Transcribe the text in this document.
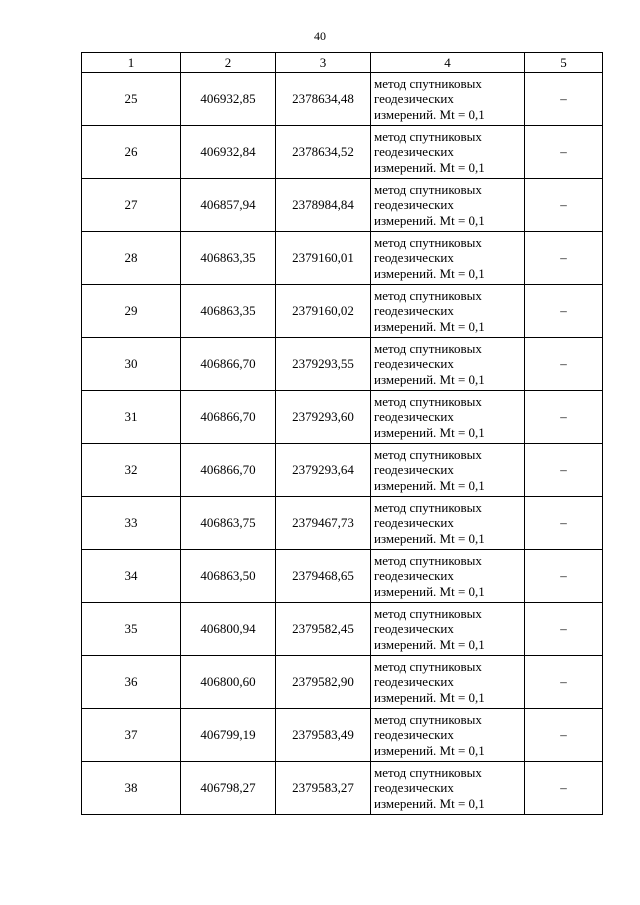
40
1	2	3	4	5
25	406932,85	2378634,48	метод спутниковых
геодезических
измерений. Mt = 0,1	–
26	406932,84	2378634,52	метод спутниковых
геодезических
измерений. Mt = 0,1	–
27	406857,94	2378984,84	метод спутниковых
геодезических
измерений. Mt = 0,1	–
28	406863,35	2379160,01	метод спутниковых
геодезических
измерений. Mt = 0,1	–
29	406863,35	2379160,02	метод спутниковых
геодезических
измерений. Mt = 0,1	–
30	406866,70	2379293,55	метод спутниковых
геодезических
измерений. Mt = 0,1	–
31	406866,70	2379293,60	метод спутниковых
геодезических
измерений. Mt = 0,1	–
32	406866,70	2379293,64	метод спутниковых
геодезических
измерений. Mt = 0,1	–
33	406863,75	2379467,73	метод спутниковых
геодезических
измерений. Mt = 0,1	–
34	406863,50	2379468,65	метод спутниковых
геодезических
измерений. Mt = 0,1	–
35	406800,94	2379582,45	метод спутниковых
геодезических
измерений. Mt = 0,1	–
36	406800,60	2379582,90	метод спутниковых
геодезических
измерений. Mt = 0,1	–
37	406799,19	2379583,49	метод спутниковых
геодезических
измерений. Mt = 0,1	–
38	406798,27	2379583,27	метод спутниковых
геодезических
измерений. Mt = 0,1	–
